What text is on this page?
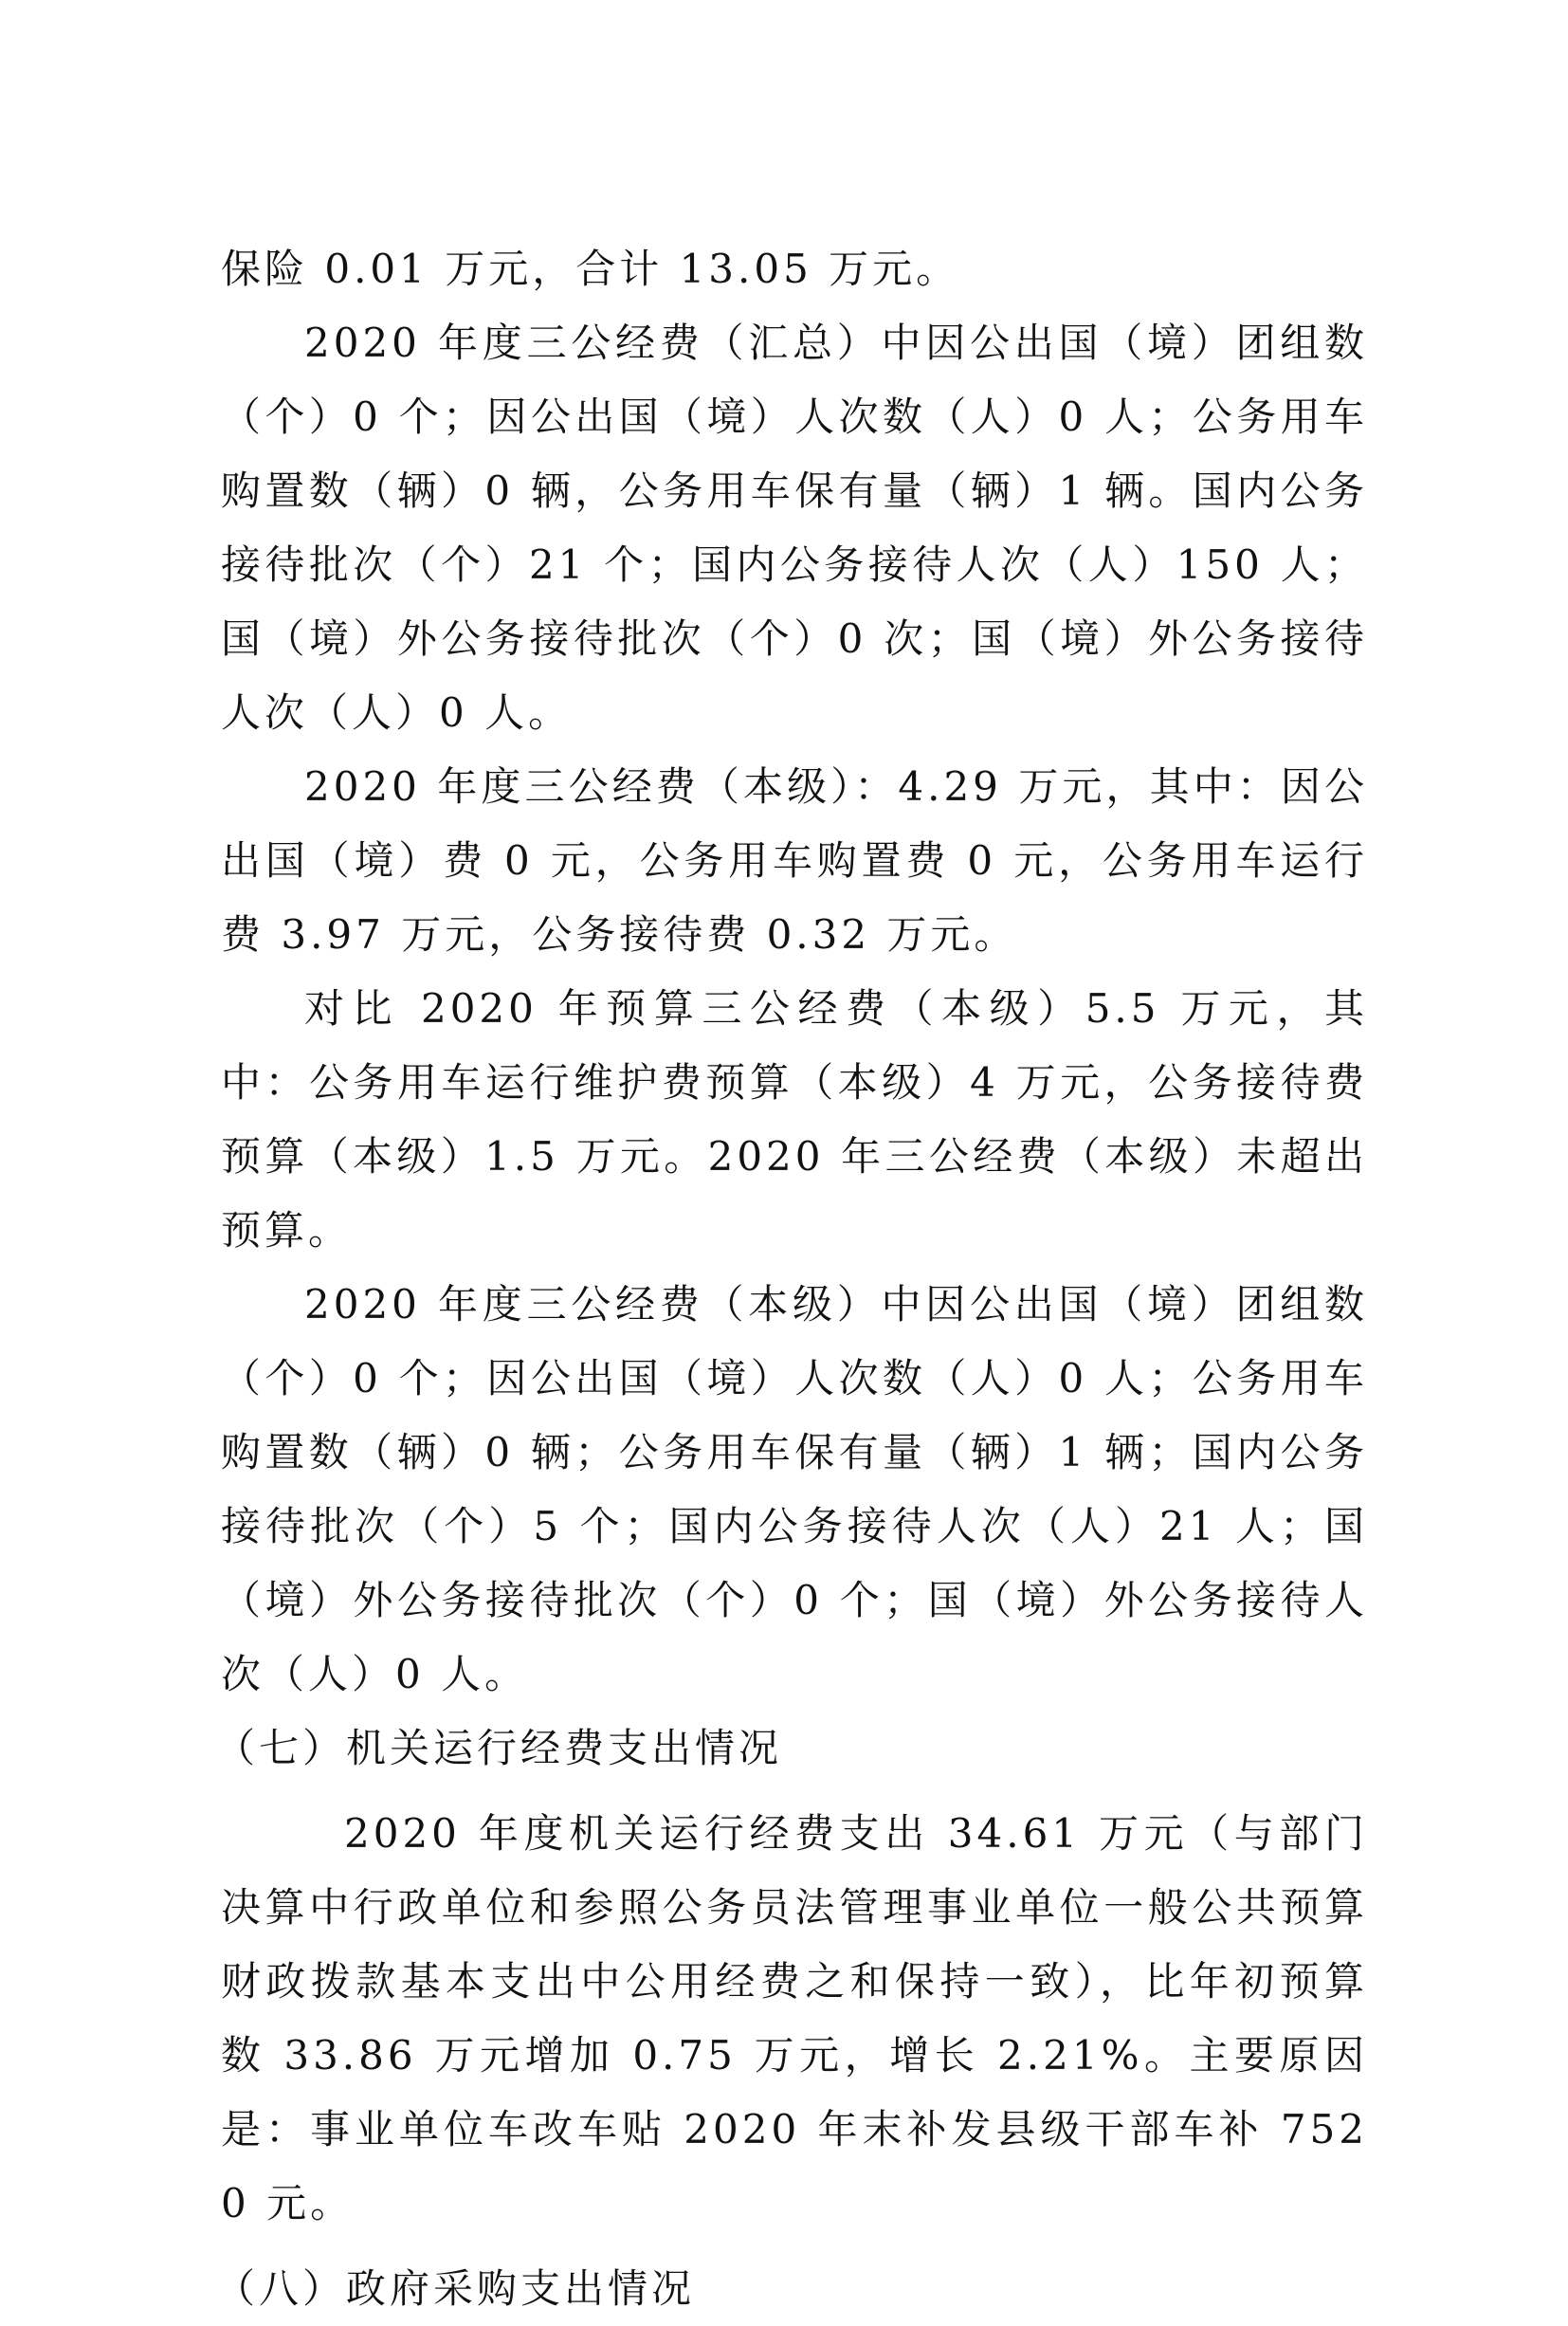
保险 0.01 万元，合计 13.05 万元。

2020 年度三公经费（汇总）中因公出国（境）团组数（个）0 个；因公出国（境）人次数（人）0 人；公务用车购置数（辆）0 辆，公务用车保有量（辆）1 辆。国内公务接待批次（个）21 个；国内公务接待人次（人）150 人；国（境）外公务接待批次（个）0 次；国（境）外公务接待人次（人）0 人。

2020 年度三公经费（本级）：4.29 万元，其中：因公出国（境）费 0 元，公务用车购置费 0 元，公务用车运行费 3.97 万元，公务接待费 0.32 万元。

对比 2020 年预算三公经费（本级）5.5 万元，其中：公务用车运行维护费预算（本级）4 万元，公务接待费预算（本级）1.5 万元。2020 年三公经费（本级）未超出预算。

2020 年度三公经费（本级）中因公出国（境）团组数（个）0 个；因公出国（境）人次数（人）0 人；公务用车购置数（辆）0 辆；公务用车保有量（辆）1 辆；国内公务接待批次（个）5 个；国内公务接待人次（人）21 人；国（境）外公务接待批次（个）0 个；国（境）外公务接待人次（人）0 人。

（七）机关运行经费支出情况

2020 年度机关运行经费支出 34.61 万元（与部门决算中行政单位和参照公务员法管理事业单位一般公共预算财政拨款基本支出中公用经费之和保持一致），比年初预算数 33.86 万元增加 0.75 万元，增长 2.21%。主要原因是：事业单位车改车贴 2020 年末补发县级干部车补 7520 元。

（八）政府采购支出情况
